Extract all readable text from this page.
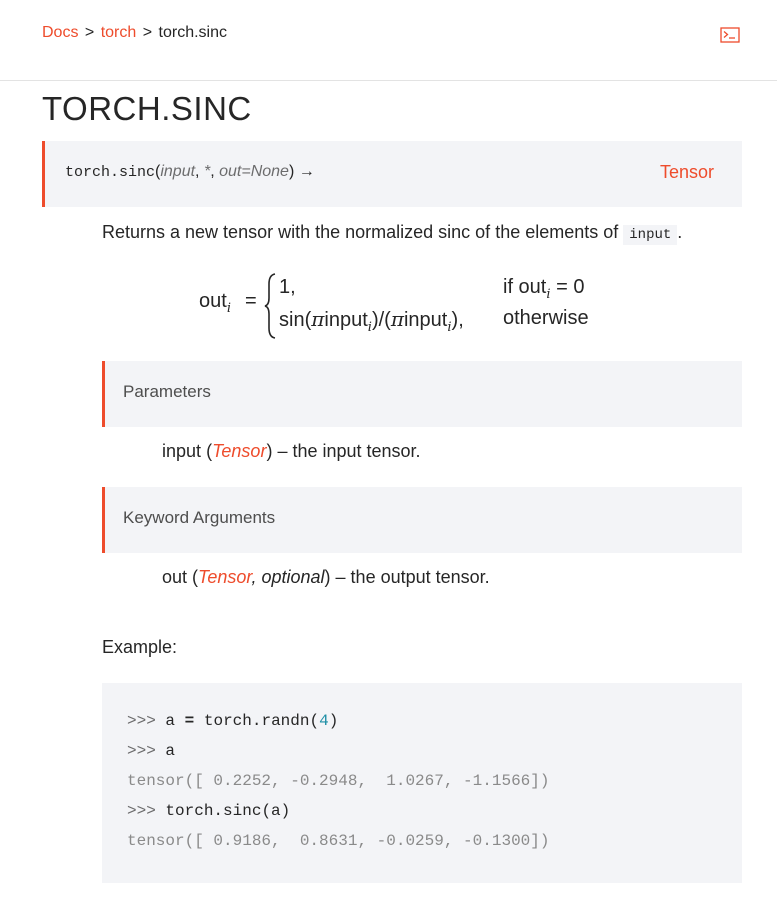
Docs > torch > torch.sinc
TORCH.SINC
torch.sinc(input, *, out=None) →	Tensor
Returns a new tensor with the normalized sinc of the elements of input .
out$_i$ =
1,
sin(πinput$_i$)/(πinput$_i$),
if out$_i$ = 0
otherwise
Parameters
input (Tensor) – the input tensor.
Keyword Arguments
out (Tensor, optional) – the output tensor.
Example:
>>> a = torch.randn(4)
>>> a
tensor([ 0.2252, -0.2948,  1.0267, -1.1566])
>>> torch.sinc(a)
tensor([ 0.9186,  0.8631, -0.0259, -0.1300])
